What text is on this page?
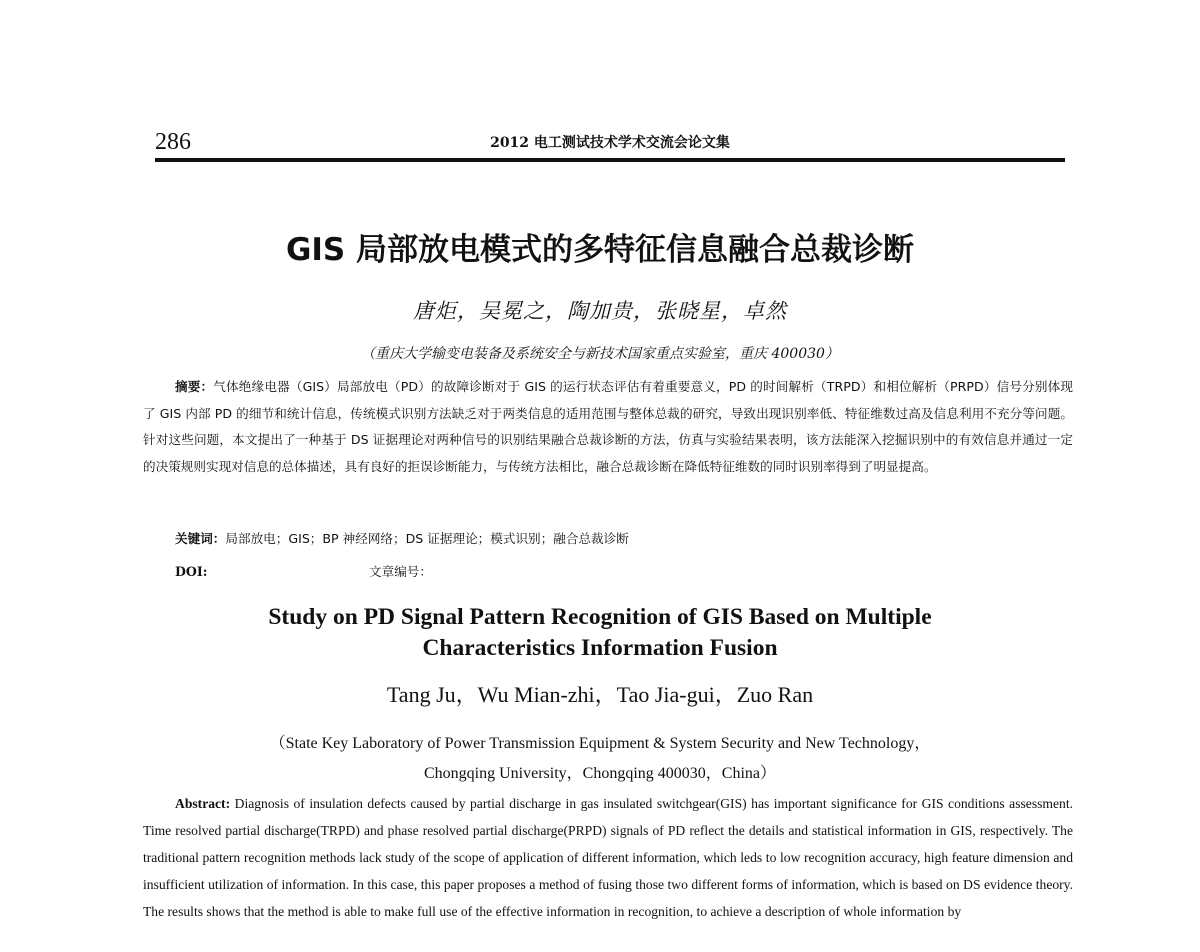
286	2012 电工测试技术学术交流会论文集
GIS 局部放电模式的多特征信息融合总裁诊断
唐炬，吴冕之，陶加贵，张晓星，卓然
（重庆大学输变电装备及系统安全与新技术国家重点实验室，重庆 400030）
摘要：气体绝缘电器（GIS）局部放电（PD）的故障诊断对于 GIS 的运行状态评估有着重要意义，PD 的时间解析（TRPD）和相位解析（PRPD）信号分别体现了 GIS 内部 PD 的细节和统计信息，传统模式识别方法缺乏对于两类信息的适用范围与整体总裁的研究，导致出现识别率低、特征维数过高及信息利用不充分等问题。针对这些问题，本文提出了一种基于 DS 证据理论对两种信号的识别结果融合总裁诊断的方法，仿真与实验结果表明，该方法能深入挖掘识别中的有效信息并通过一定的决策规则实现对信息的总体描述，具有良好的拒误诊断能力，与传统方法相比，融合总裁诊断在降低特征维数的同时识别率得到了明显提高。
关键词：局部放电；GIS；BP 神经网络；DS 证据理论；模式识别；融合总裁诊断
DOI:	文章编号：
Study on PD Signal Pattern Recognition of GIS Based on Multiple
Characteristics Information Fusion
Tang Ju，Wu Mian-zhi，Tao Jia-gui，Zuo Ran
（State Key Laboratory of Power Transmission Equipment & System Security and New Technology，
Chongqing University，Chongqing 400030，China）
Abstract: Diagnosis of insulation defects caused by partial discharge in gas insulated switchgear(GIS) has important significance for GIS conditions assessment. Time resolved partial discharge(TRPD) and phase resolved partial discharge(PRPD) signals of PD reflect the details and statistical information in GIS, respectively. The traditional pattern recognition methods lack study of the scope of application of different information, which leds to low recognition accuracy, high feature dimension and insufficient utilization of information. In this case, this paper proposes a method of fusing those two different forms of information, which is based on DS evidence theory. The results shows that the method is able to make full use of the effective information in recognition, to achieve a description of whole information by
